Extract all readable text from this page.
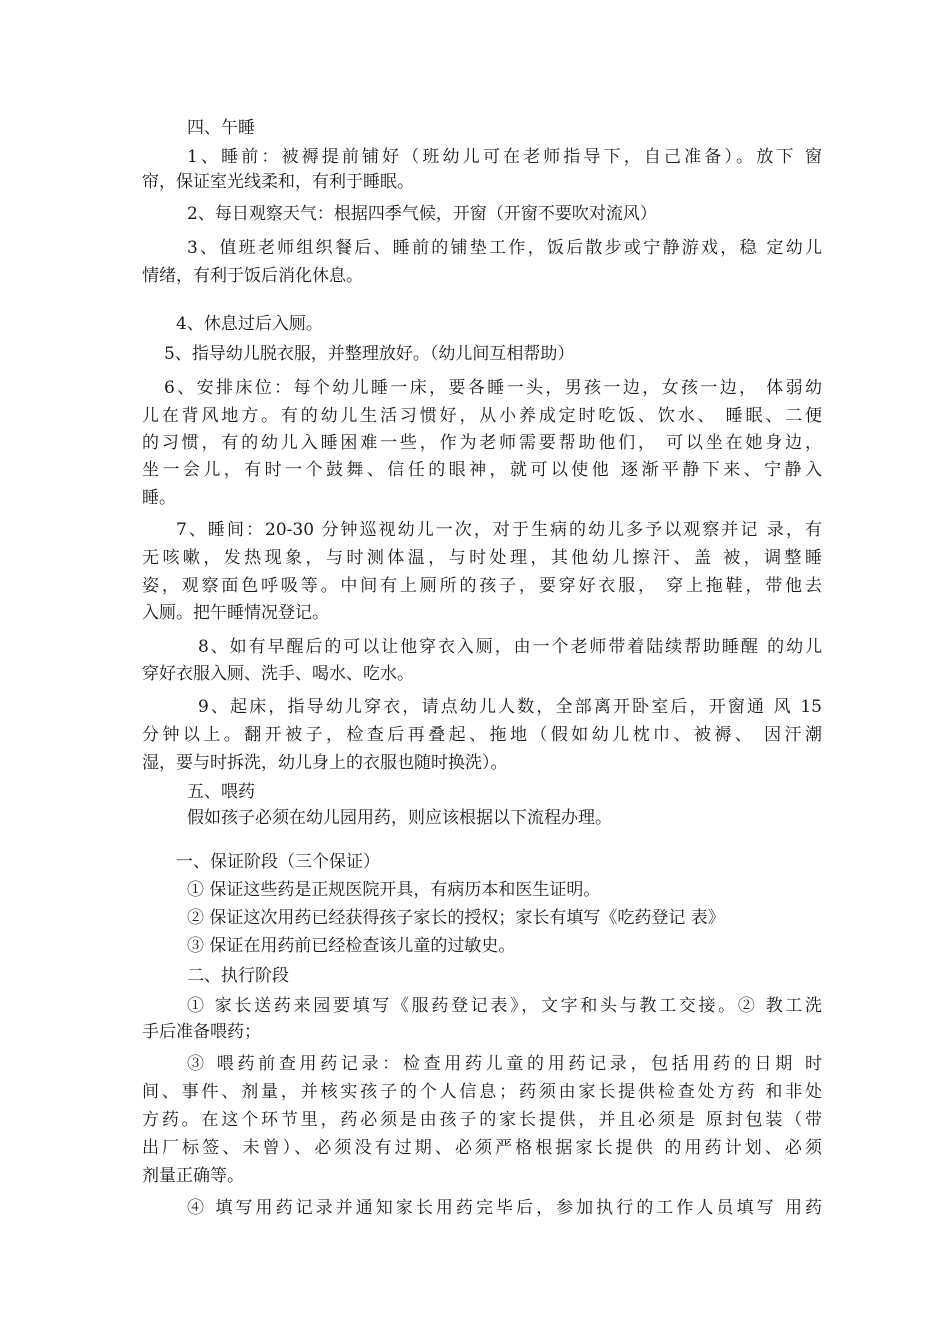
四、午睡
1、睡前：被褥提前铺好（班幼儿可在老师指导下，自己准备）。放下 窗
帘，保证室光线柔和，有利于睡眠。
2、每日观察天气：根据四季气候，开窗（开窗不要吹对流风）
3、值班老师组织餐后、睡前的铺垫工作，饭后散步或宁静游戏，稳 定幼儿
情绪，有利于饭后消化休息。
4、休息过后入厕。
5、指导幼儿脱衣服，并整理放好。（幼儿间互相帮助）
6、安排床位：每个幼儿睡一床，要各睡一头，男孩一边，女孩一边， 体弱幼
儿在背风地方。有的幼儿生活习惯好，从小养成定时吃饭、饮水、 睡眠、二便
的习惯，有的幼儿入睡困难一些，作为老师需要帮助他们， 可以坐在她身边，
坐一会儿，有时一个鼓舞、信任的眼神，就可以使他 逐渐平静下来、宁静入
睡。
7、睡间：20-30 分钟巡视幼儿一次，对于生病的幼儿多予以观察并记 录，有
无咳嗽，发热现象，与时测体温，与时处理，其他幼儿擦汗、盖 被，调整睡
姿，观察面色呼吸等。中间有上厕所的孩子，要穿好衣服， 穿上拖鞋，带他去
入厕。把午睡情况登记。
8、如有早醒后的可以让他穿衣入厕，由一个老师带着陆续帮助睡醒 的幼儿
穿好衣服入厕、洗手、喝水、吃水。
9、起床，指导幼儿穿衣，请点幼儿人数，全部离开卧室后，开窗通 风 15
分钟以上。翻开被子，检查后再叠起、拖地（假如幼儿枕巾、被褥、 因汗潮
湿，要与时拆洗，幼儿身上的衣服也随时换洗）。
五、喂药
假如孩子必须在幼儿园用药，则应该根据以下流程办理。
一、保证阶段（三个保证）
① 保证这些药是正规医院开具，有病历本和医生证明。
② 保证这次用药已经获得孩子家长的授权；家长有填写《吃药登记 表》
③ 保证在用药前已经检查该儿童的过敏史。
二、执行阶段
① 家长送药来园要填写《服药登记表》，文字和头与教工交接。② 教工洗
手后准备喂药；
③ 喂药前查用药记录：检查用药儿童的用药记录，包括用药的日期 时
间、事件、剂量，并核实孩子的个人信息；药须由家长提供检查处方药 和非处
方药。在这个环节里，药必须是由孩子的家长提供，并且必须是 原封包装（带
出厂标签、未曾）、必须没有过期、必须严格根据家长提供 的用药计划、必须
剂量正确等。
④ 填写用药记录并通知家长用药完毕后，参加执行的工作人员填写 用药
